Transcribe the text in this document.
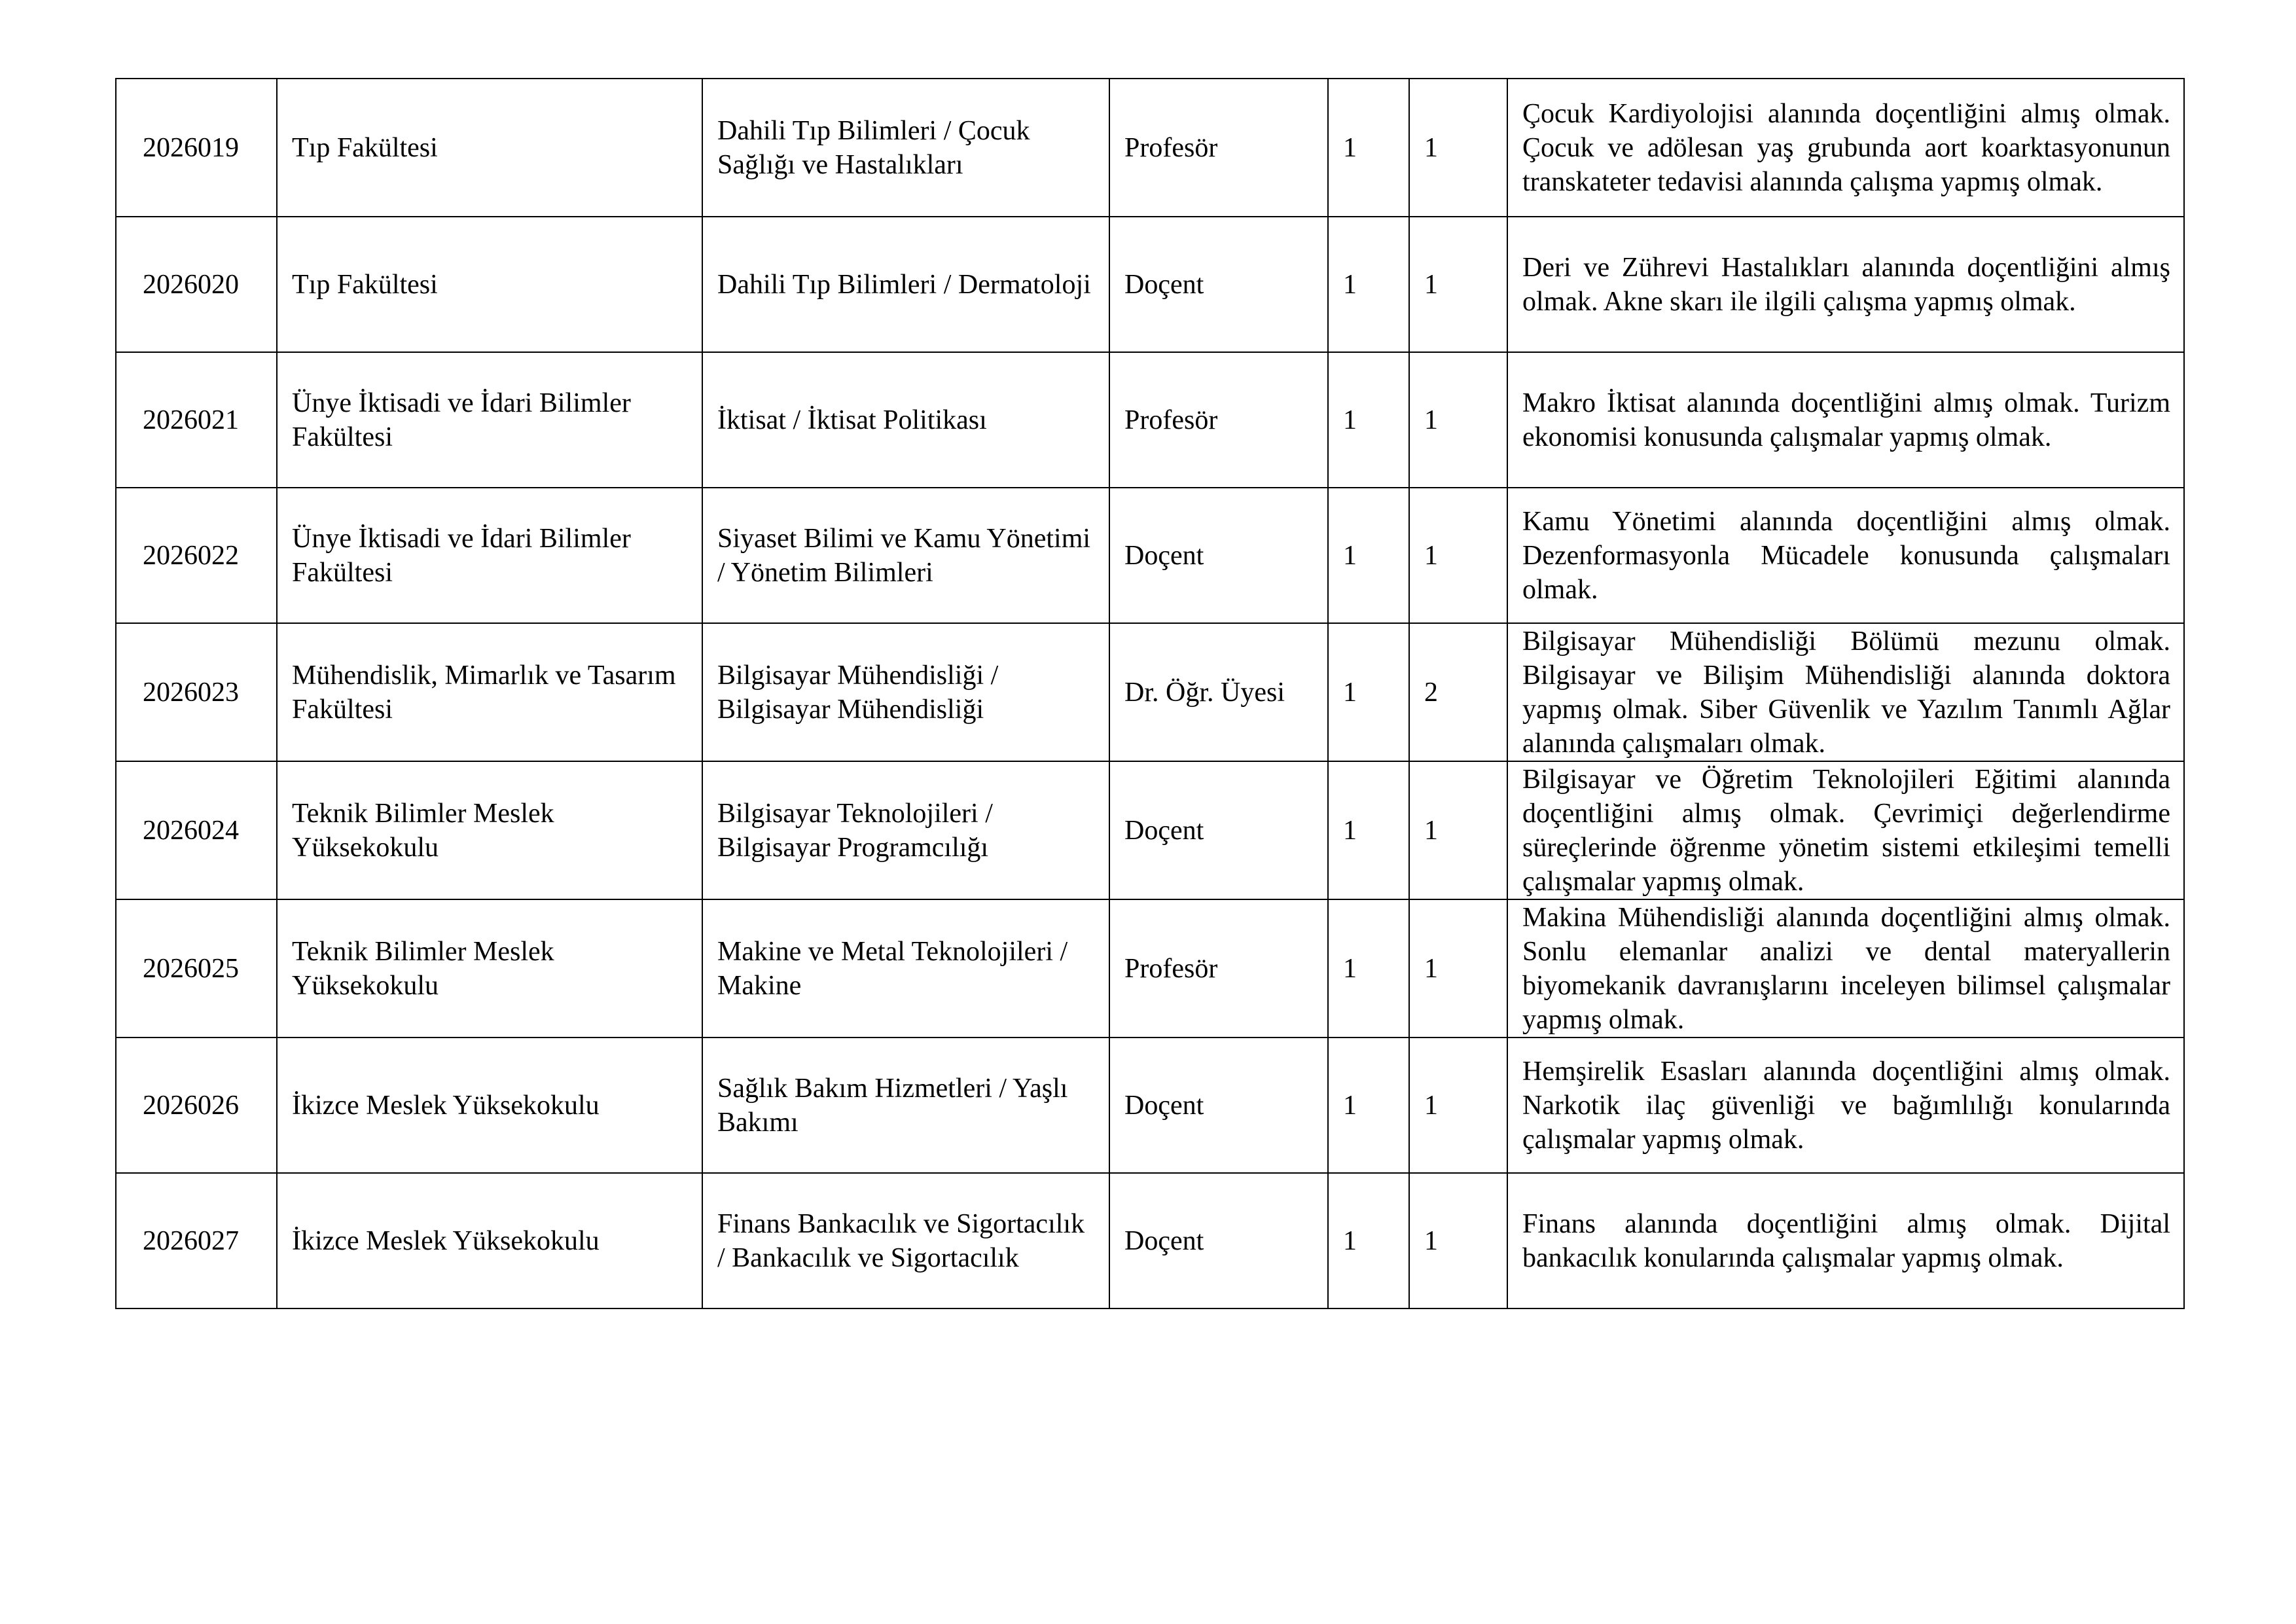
2026019	Tıp Fakültesi	Dahili Tıp Bilimleri / Çocuk Sağlığı ve Hastalıkları	Profesör	1	1	Çocuk Kardiyolojisi alanında doçentliğini almış olmak. Çocuk ve adölesan yaş grubunda aort koarktasyonunun transkateter tedavisi alanında çalışma yapmış olmak.
2026020	Tıp Fakültesi	Dahili Tıp Bilimleri / Dermatoloji	Doçent	1	1	Deri ve Zührevi Hastalıkları alanında doçentliğini almış olmak. Akne skarı ile ilgili çalışma yapmış olmak.
2026021	Ünye İktisadi ve İdari Bilimler Fakültesi	İktisat / İktisat Politikası	Profesör	1	1	Makro İktisat alanında doçentliğini almış olmak. Turizm ekonomisi konusunda çalışmalar yapmış olmak.
2026022	Ünye İktisadi ve İdari Bilimler Fakültesi	Siyaset Bilimi ve Kamu Yönetimi / Yönetim Bilimleri	Doçent	1	1	Kamu Yönetimi alanında doçentliğini almış olmak. Dezenformasyonla Mücadele konusunda çalışmaları olmak.
2026023	Mühendislik, Mimarlık ve Tasarım Fakültesi	Bilgisayar Mühendisliği / Bilgisayar Mühendisliği	Dr. Öğr. Üyesi	1	2	Bilgisayar Mühendisliği Bölümü mezunu olmak. Bilgisayar ve Bilişim Mühendisliği alanında doktora yapmış olmak. Siber Güvenlik ve Yazılım Tanımlı Ağlar alanında çalışmaları olmak.
2026024	Teknik Bilimler Meslek Yüksekokulu	Bilgisayar Teknolojileri / Bilgisayar Programcılığı	Doçent	1	1	Bilgisayar ve Öğretim Teknolojileri Eğitimi alanında doçentliğini almış olmak. Çevrimiçi değerlendirme süreçlerinde öğrenme yönetim sistemi etkileşimi temelli çalışmalar yapmış olmak.
2026025	Teknik Bilimler Meslek Yüksekokulu	Makine ve Metal Teknolojileri / Makine	Profesör	1	1	Makina Mühendisliği alanında doçentliğini almış olmak. Sonlu elemanlar analizi ve dental materyallerin biyomekanik davranışlarını inceleyen bilimsel çalışmalar yapmış olmak.
2026026	İkizce Meslek Yüksekokulu	Sağlık Bakım Hizmetleri / Yaşlı Bakımı	Doçent	1	1	Hemşirelik Esasları alanında doçentliğini almış olmak. Narkotik ilaç güvenliği ve bağımlılığı konularında çalışmalar yapmış olmak.
2026027	İkizce Meslek Yüksekokulu	Finans Bankacılık ve Sigortacılık / Bankacılık ve Sigortacılık	Doçent	1	1	Finans alanında doçentliğini almış olmak. Dijital bankacılık konularında çalışmalar yapmış olmak.
